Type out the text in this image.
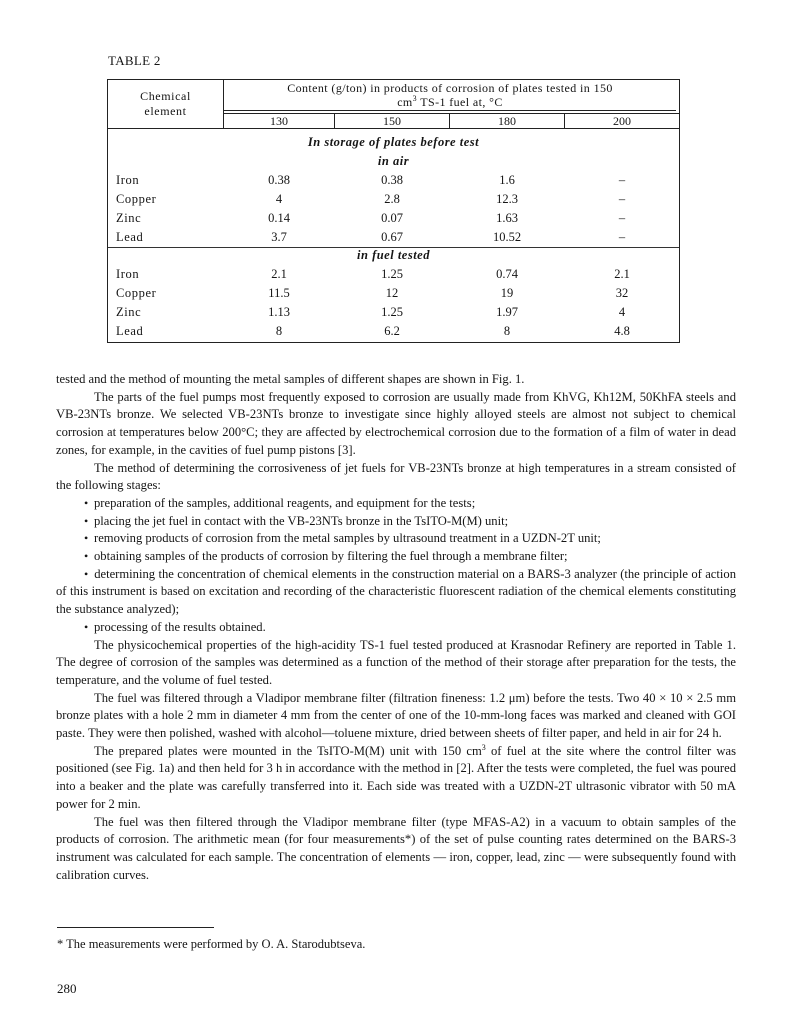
TABLE 2
Chemical
element
Content (g/ton) in products of corrosion of plates tested in 150
$cm^3$ TS-1 fuel at, °C
130	150	180	200
In storage of plates before test
in air
Iron	0.38	0.38	1.6	–
Copper	4	2.8	12.3	–
Zinc	0.14	0.07	1.63	–
Lead	3.7	0.67	10.52	–
in fuel tested
Iron	2.1	1.25	0.74	2.1
Copper	11.5	12	19	32
Zinc	1.13	1.25	1.97	4
Lead	8	6.2	8	4.8

tested and the method of mounting the metal samples of different shapes are shown in Fig. 1.

The parts of the fuel pumps most frequently exposed to corrosion are usually made from KhVG, Kh12M, 50KhFA steels and VB-23NTs bronze. We selected VB-23NTs bronze to investigate since highly alloyed steels are almost not subject to chemical corrosion at temperatures below 200°C; they are affected by electrochemical corrosion due to the formation of a film of water in dead zones, for example, in the cavities of fuel pump pistons [3].

The method of determining the corrosiveness of jet fuels for VB-23NTs bronze at high temperatures in a stream consisted of the following stages:

• preparation of the samples, additional reagents, and equipment for the tests;

• placing the jet fuel in contact with the VB-23NTs bronze in the TsITO-M(M) unit;

• removing products of corrosion from the metal samples by ultrasound treatment in a UZDN-2T unit;

• obtaining samples of the products of corrosion by filtering the fuel through a membrane filter;

• determining the concentration of chemical elements in the construction material on a BARS-3 analyzer (the principle of action of this instrument is based on excitation and recording of the characteristic fluorescent radiation of the chemical elements constituting the substance analyzed);

• processing of the results obtained.

The physicochemical properties of the high-acidity TS-1 fuel tested produced at Krasnodar Refinery are reported in Table 1. The degree of corrosion of the samples was determined as a function of the method of their storage after preparation for the tests, the temperature, and the volume of fuel tested.

The fuel was filtered through a Vladipor membrane filter (filtration fineness: 1.2 μm) before the tests. Two 40 × 10 × 2.5 mm bronze plates with a hole 2 mm in diameter 4 mm from the center of one of the 10-mm-long faces was marked and cleaned with GOI paste. They were then polished, washed with alcohol—toluene mixture, dried between sheets of filter paper, and held in air for 24 h.

The prepared plates were mounted in the TsITO-M(M) unit with 150 $cm^3$ of fuel at the site where the control filter was positioned (see Fig. 1a) and then held for 3 h in accordance with the method in [2]. After the tests were completed, the fuel was poured into a beaker and the plate was carefully transferred into it. Each side was treated with a UZDN-2T ultrasonic vibrator with 50 mA power for 2 min.

The fuel was then filtered through the Vladipor membrane filter (type MFAS-A2) in a vacuum to obtain samples of the products of corrosion. The arithmetic mean (for four measurements*) of the set of pulse counting rates determined on the BARS-3 instrument was calculated for each sample. The concentration of elements — iron, copper, lead, zinc — were subsequently found with calibration curves.

* The measurements were performed by O. A. Starodubtseva.
280
